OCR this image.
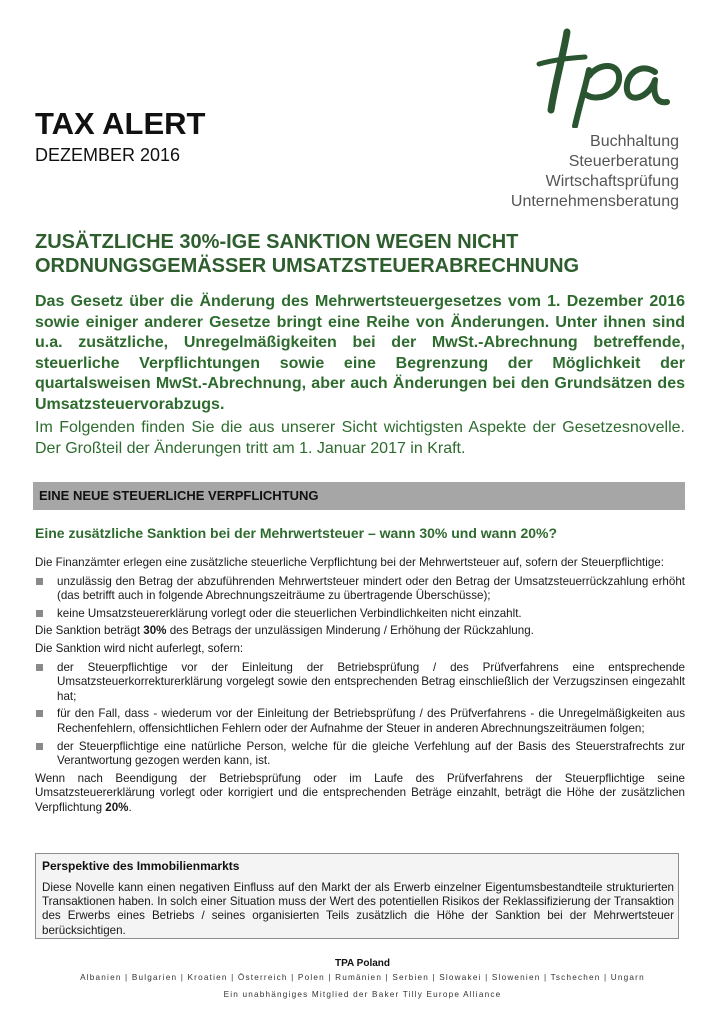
Buchhaltung
Steuerberatung
Wirtschaftsprüfung
Unternehmensberatung
TAX ALERT
DEZEMBER 2016
ZUSÄTZLICHE 30%-IGE SANKTION WEGEN NICHT
ORDNUNGSGEMÄSSER UMSATZSTEUERABRECHNUNG
Das Gesetz über die Änderung des Mehrwertsteuergesetzes vom 1. Dezember 2016 sowie einiger anderer Gesetze bringt eine Reihe von Änderungen. Unter ihnen sind u.a. zusätzliche, Unregelmäßigkeiten bei der MwSt.-Abrechnung betreffende, steuerliche Verpflichtungen sowie eine Begrenzung der Möglichkeit der quartalsweisen MwSt.-Abrechnung, aber auch Änderungen bei den Grundsätzen des Umsatzsteuervorabzugs.
Im Folgenden finden Sie die aus unserer Sicht wichtigsten Aspekte der Gesetzesnovelle. Der Großteil der Änderungen tritt am 1. Januar 2017 in Kraft.
EINE NEUE STEUERLICHE VERPFLICHTUNG
Eine zusätzliche Sanktion bei der Mehrwertsteuer – wann 30% und wann 20%?

Die Finanzämter erlegen eine zusätzliche steuerliche Verpflichtung bei der Mehrwertsteuer auf, sofern der Steuerpflichtige:

unzulässig den Betrag der abzuführenden Mehrwertsteuer mindert oder den Betrag der Umsatzsteuerrückzahlung erhöht (das betrifft auch in folgende Abrechnungszeiträume zu übertragende Überschüsse);
keine Umsatzsteuererklärung vorlegt oder die steuerlichen Verbindlichkeiten nicht einzahlt.

Die Sanktion beträgt 30% des Betrags der unzulässigen Minderung / Erhöhung der Rückzahlung.

Die Sanktion wird nicht auferlegt, sofern:

der Steuerpflichtige vor der Einleitung der Betriebsprüfung / des Prüfverfahrens eine entsprechende Umsatzsteuerkorrekturerklärung vorgelegt sowie den entsprechenden Betrag einschließlich der Verzugszinsen eingezahlt hat;
für den Fall, dass - wiederum vor der Einleitung der Betriebsprüfung / des Prüfverfahrens - die Unregelmäßigkeiten aus Rechenfehlern, offensichtlichen Fehlern oder der Aufnahme der Steuer in anderen Abrechnungszeiträumen folgen;
der Steuerpflichtige eine natürliche Person, welche für die gleiche Verfehlung auf der Basis des Steuerstrafrechts zur Verantwortung gezogen werden kann, ist.

Wenn nach Beendigung der Betriebsprüfung oder im Laufe des Prüfverfahrens der Steuerpflichtige seine Umsatzsteuererklärung vorlegt oder korrigiert und die entsprechenden Beträge einzahlt, beträgt die Höhe der zusätzlichen Verpflichtung 20%.

Perspektive des Immobilienmarkts
Diese Novelle kann einen negativen Einfluss auf den Markt der als Erwerb einzelner Eigentumsbestandteile strukturierten Transaktionen haben. In solch einer Situation muss der Wert des potentiellen Risikos der Reklassifizierung der Transaktion des Erwerbs eines Betriebs / seines organisierten Teils zusätzlich die Höhe der Sanktion bei der Mehrwertsteuer berücksichtigen.
TPA Poland
Albanien | Bulgarien | Kroatien | Österreich | Polen | Rumänien | Serbien | Slowakei | Slowenien | Tschechen | Ungarn
Ein unabhängiges Mitglied der Baker Tilly Europe Alliance
